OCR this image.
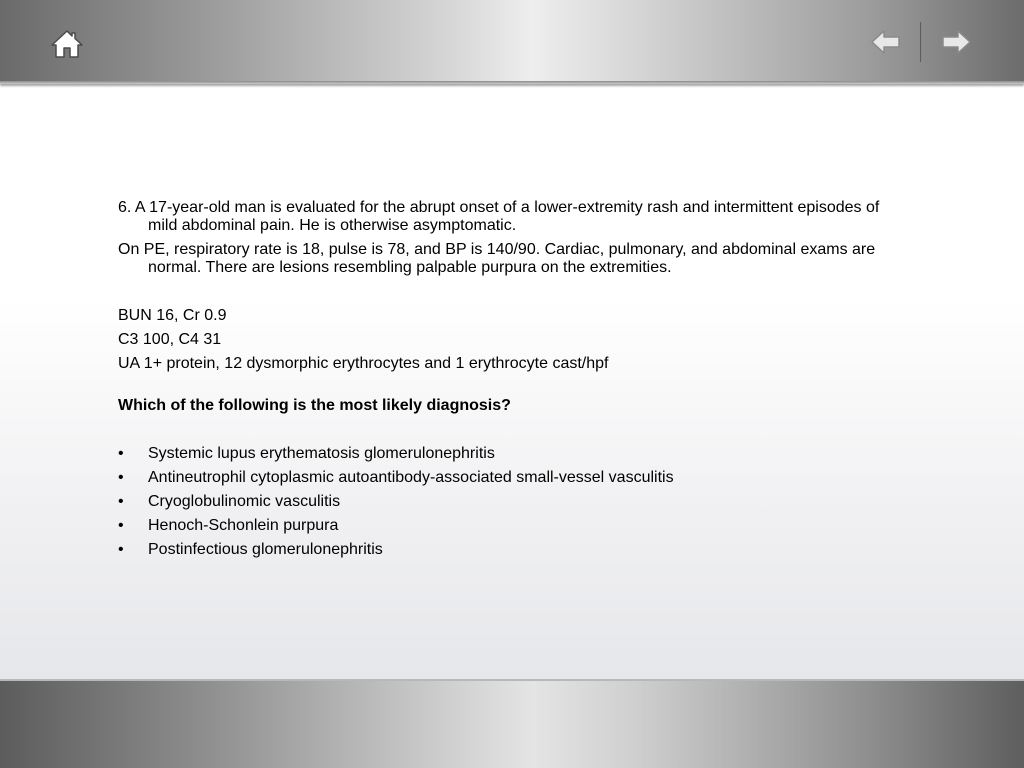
6. A 17-year-old man is evaluated for the abrupt onset of a lower-extremity rash and intermittent episodes of mild abdominal pain. He is otherwise asymptomatic.

On PE, respiratory rate is 18, pulse is 78, and BP is 140/90. Cardiac, pulmonary, and abdominal exams are normal. There are lesions resembling palpable purpura on the extremities.

BUN 16, Cr 0.9

C3 100, C4 31

UA 1+ protein, 12 dysmorphic erythrocytes and 1 erythrocyte cast/hpf

Which of the following is the most likely diagnosis?

•	Systemic lupus erythematosis glomerulonephritis
•	Antineutrophil cytoplasmic autoantibody-associated small-vessel vasculitis
•	Cryoglobulinomic vasculitis
•	Henoch-Schonlein purpura
•	Postinfectious glomerulonephritis
